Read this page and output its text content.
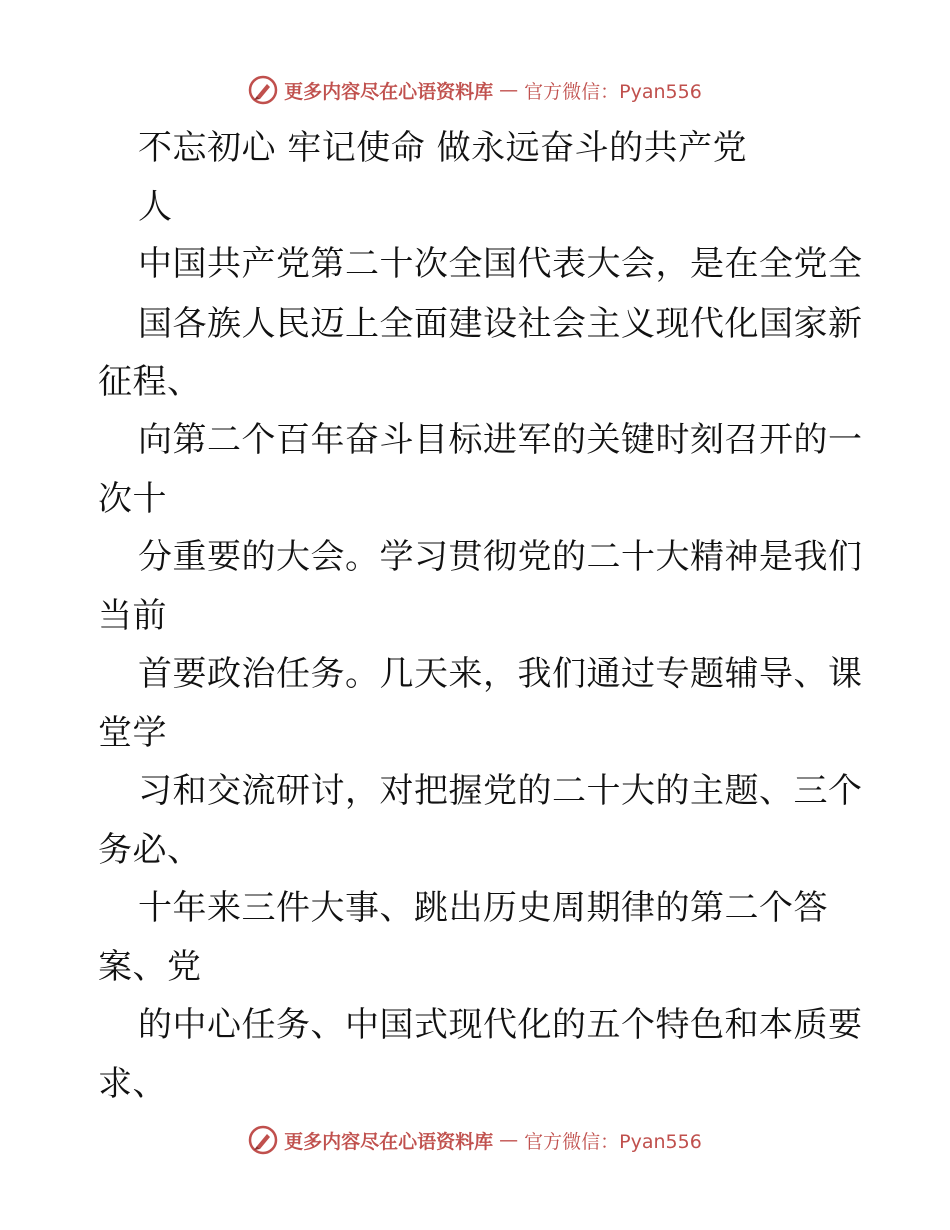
更多内容尽在心语资料库 — 官方微信：Pyan556
不忘初心 牢记使命 做永远奋斗的共产党
人
中国共产党第二十次全国代表大会，是在全党全
国各族人民迈上全面建设社会主义现代化国家新
征程、
向第二个百年奋斗目标进军的关键时刻召开的一
次十
分重要的大会。学习贯彻党的二十大精神是我们
当前
首要政治任务。几天来，我们通过专题辅导、课
堂学
习和交流研讨，对把握党的二十大的主题、三个
务必、
十年来三件大事、跳出历史周期律的第二个答
案、党
的中心任务、中国式现代化的五个特色和本质要
求、
更多内容尽在心语资料库 — 官方微信：Pyan556
